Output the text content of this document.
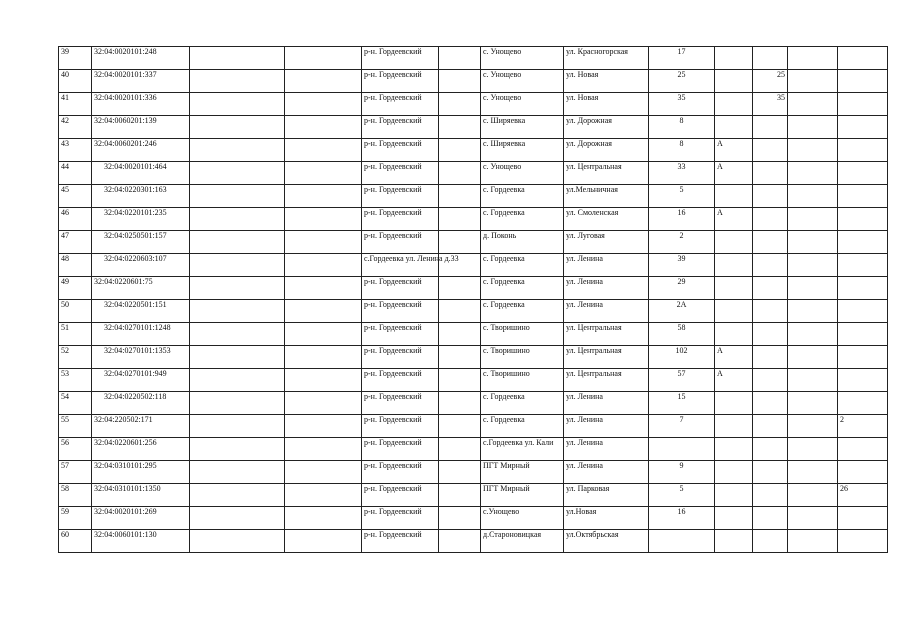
39	32:04:0020101:248			р-н. Гордеевский		с. Унощево	ул. Красногорская	17				
40	32:04:0020101:337			р-н. Гордеевский		с. Унощево	ул. Новая	25		25		
41	32:04:0020101:336			р-н. Гордеевский		с. Унощево	ул. Новая	35		35		
42	32:04:0060201:139			р-н. Гордеевский		с. Ширяевка	ул. Дорожная	8				
43	32:04:0060201:246			р-н. Гордеевский		с. Ширяевка	ул. Дорожная	8	А			
44	32:04:0020101:464			р-н. Гордеевский		с. Унощево	ул. Центральная	33	А			
45	32:04:0220301:163			р-н. Гордеевский		с. Гордеевка	ул.Мельничная	5				
46	32:04:0220101:235			р-н. Гордеевский		с. Гордеевка	ул. Смоленская	16	А			
47	32:04:0250501:157			р-н. Гордеевский		д. Поконь	ул. Луговая	2				
48	32:04:0220603:107			с.Гордеевка ул. Ленина д.33		с. Гордеевка	ул. Ленина	39				
49	32:04:0220601:75			р-н. Гордеевский		с. Гордеевка	ул. Ленина	29				
50	32:04:0220501:151			р-н. Гордеевский		с. Гордеевка	ул. Ленина	2А				
51	32:04:0270101:1248			р-н. Гордеевский		с. Творишино	ул. Центральная	58				
52	32:04:0270101:1353			р-н. Гордеевский		с. Творишино	ул. Центральная	102	А			
53	32:04:0270101:949			р-н. Гордеевский		с. Творишино	ул. Центральная	57	А			
54	32:04:0220502:118			р-н. Гордеевский		с. Гордеевка	ул. Ленина	15				
55	32:04:220502:171			р-н. Гордеевский		с. Гордеевка	ул. Ленина	7				2
56	32:04:0220601:256			р-н. Гордеевский		с.Гордеевка ул. Кали	ул. Ленина					
57	32:04:0310101:295			р-н. Гордеевский		ПГТ Мирный	ул. Ленина	9				
58	32:04:0310101:1350			р-н. Гордеевский		ПГТ Мирный	ул. Парковая	5				26
59	32:04:0020101:269			р-н. Гордеевский		с.Унощево	ул.Новая	16				
60	32:04:0060101:130			р-н. Гордеевский		д.Староновицкая	ул.Октябрьская					
